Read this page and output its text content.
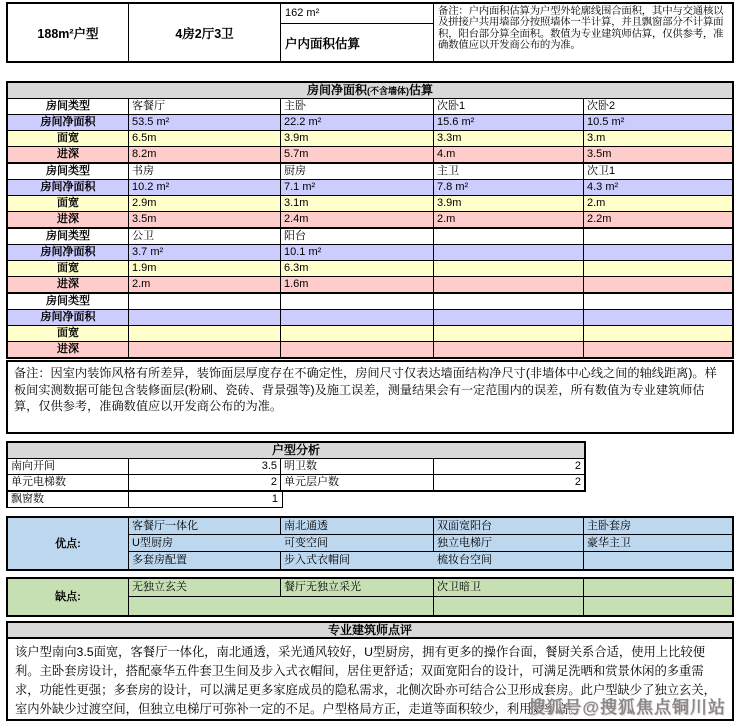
188m²户型	4房2厅3卫
162 m²
户内面积估算
备注：户内面积估算为户型外轮廓线围合面积，其中与交通核以及拼接户共用墙部分按照墙体一半计算，并且飘窗部分不计算面积，阳台部分算全面积。数值为专业建筑师估算，仅供参考，准确数值应以开发商公布的为准。
房间净面积(不含墙体)估算
房间类型	客餐厅	主卧	次卧1	次卧2
房间净面积	53.5 m²	22.2 m²	15.6 m²	10.5 m²
面宽	6.5m	3.9m	3.3m	3.m
进深	8.2m	5.7m	4.m	3.5m
房间类型	书房	厨房	主卫	次卫1
房间净面积	10.2 m²	7.1 m²	7.8 m²	4.3 m²
面宽	2.9m	3.1m	3.9m	2.m
进深	3.5m	2.4m	2.m	2.2m
房间类型	公卫	阳台
房间净面积	3.7 m²	10.1 m²
面宽	1.9m	6.3m
进深	2.m	1.6m
房间类型
房间净面积
面宽
进深
备注：因室内装饰风格有所差异，装饰面层厚度存在不确定性，房间尺寸仅表达墙面结构净尺寸(非墙体中心线之间的轴线距离)。样板间实测数据可能包含装修面层(粉刷、瓷砖、背景强等)及施工误差，测量结果会有一定范围内的误差，所有数值为专业建筑师估算，仅供参考，准确数值应以开发商公布的为准。
户型分析
南向开间	3.5 明卫数	2
单元电梯数	2 单元层户数	2
飘窗数	1
优点:
客餐厅一体化	南北通透	双面宽阳台	主卧套房
U型厨房	可变空间	独立电梯厅	豪华主卫
多套房配置	步入式衣帽间	梳妆台空间
缺点:
无独立玄关	餐厅无独立采光	次卫暗卫
专业建筑师点评
该户型南向3.5面宽，客餐厅一体化，南北通透，采光通风较好，U型厨房，拥有更多的操作台面，餐厨关系合适，使用上比较便利。主卧套房设计，搭配豪华五件套卫生间及步入式衣帽间，居住更舒适；双面宽阳台的设计，可满足洗晒和赏景休闲的多重需求，功能性更强；多套房的设计，可以满足更多家庭成员的隐私需求，北侧次卧亦可结合公卫形成套房。此户型缺少了独立玄关，室内外缺少过渡空间，但独立电梯厅可弥补一定的不足。户型格局方正，走道等面积较少，利用效率高。
搜狐号@搜狐焦点铜川站
